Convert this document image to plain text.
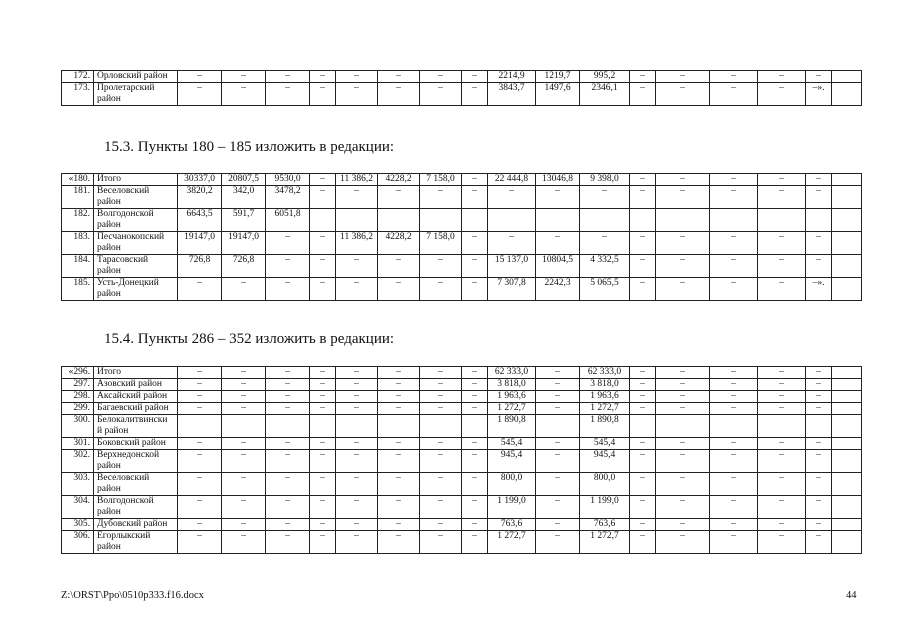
172.	Орловский район	–	–	–	–	–	–	–	–	2214,9	1219,7	995,2	–	–	–	–	–	
173.	Пролетарский район	–	–	–	–	–	–	–	–	3843,7	1497,6	2346,1	–	–	–	–	–».	
15.3. Пункты 180 – 185 изложить в редакции:
«180.	Итого	30337,0	20807,5	9530,0	–	11 386,2	4228,2	7 158,0	–	22 444,8	13046,8	9 398,0	–	–	–	–	–	
181.	Веселовский район	3820,2	342,0	3478,2	–	–	–	–	–	–	–	–	–	–	–	–	–	
182.	Волгодонской район	6643,5	591,7	6051,8														
183.	Песчанокопский район	19147,0	19147,0	–	–	11 386,2	4228,2	7 158,0	–	–	–	–	–	–	–	–	–	
184.	Тарасовский район	726,8	726,8	–	–	–	–	–	–	15 137,0	10804,5	4 332,5	–	–	–	–	–	
185.	Усть-Донецкий район	–	–	–	–	–	–	–	–	7 307,8	2242,3	5 065,5	–	–	–	–	–».	
15.4. Пункты 286 – 352 изложить в редакции:
«296.	Итого	–	–	–	–	–	–	–	–	62 333,0	–	62 333,0	–	–	–	–	–	
297.	Азовский район	–	–	–	–	–	–	–	–	3 818,0	–	3 818,0	–	–	–	–	–	
298.	Аксайский район	–	–	–	–	–	–	–	–	1 963,6	–	1 963,6	–	–	–	–	–	
299.	Багаевский район	–	–	–	–	–	–	–	–	1 272,7	–	1 272,7	–	–	–	–	–	
300.	Белокалитвински й район									1 890,8		1 890,8						
301.	Боковский район	–	–	–	–	–	–	–	–	545,4	–	545,4	–	–	–	–	–	
302.	Верхнедонской район	–	–	–	–	–	–	–	–	945,4	–	945,4	–	–	–	–	–	
303.	Веселовский район	–	–	–	–	–	–	–	–	800,0	–	800,0	–	–	–	–	–	
304.	Волгодонской район	–	–	–	–	–	–	–	–	1 199,0	–	1 199,0	–	–	–	–	–	
305.	Дубовский район	–	–	–	–	–	–	–	–	763,6	–	763,6	–	–	–	–	–	
306.	Егорлыкский район	–	–	–	–	–	–	–	–	1 272,7	–	1 272,7	–	–	–	–	–	
Z:\ORST\Ppo\0510p333.f16.docx	44
